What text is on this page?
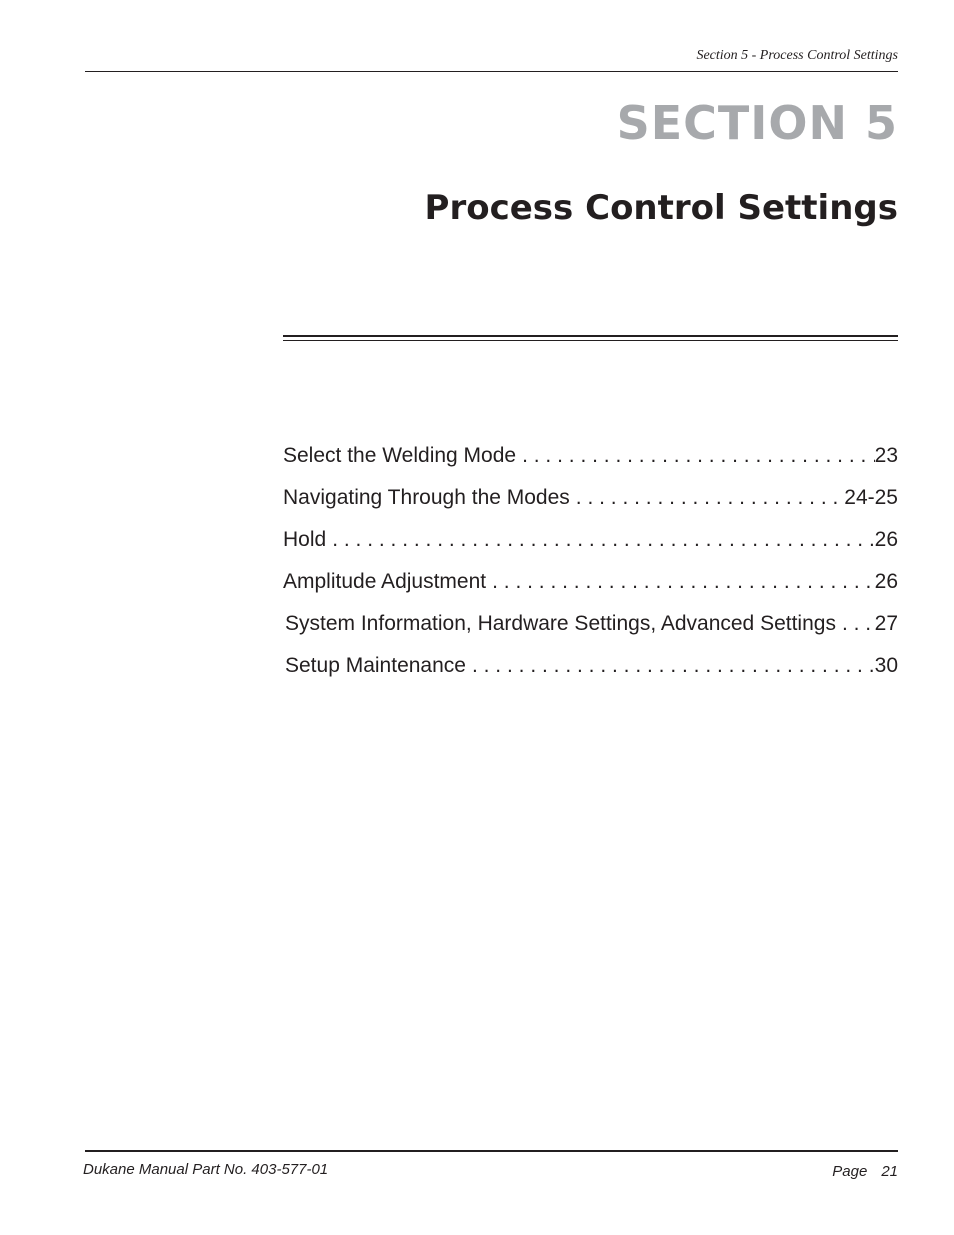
Section 5 - Process Control Settings
SECTION 5
Process Control Settings
Select the Welding Mode . . .	23
Navigating Through the Modes . . .	24-25
Hold . . .	26
Amplitude Adjustment . . .	26
System Information, Hardware Settings, Advanced Settings . . . 27
Setup Maintenance . . .	30
Dukane Manual Part No. 403-577-01	Page 21
